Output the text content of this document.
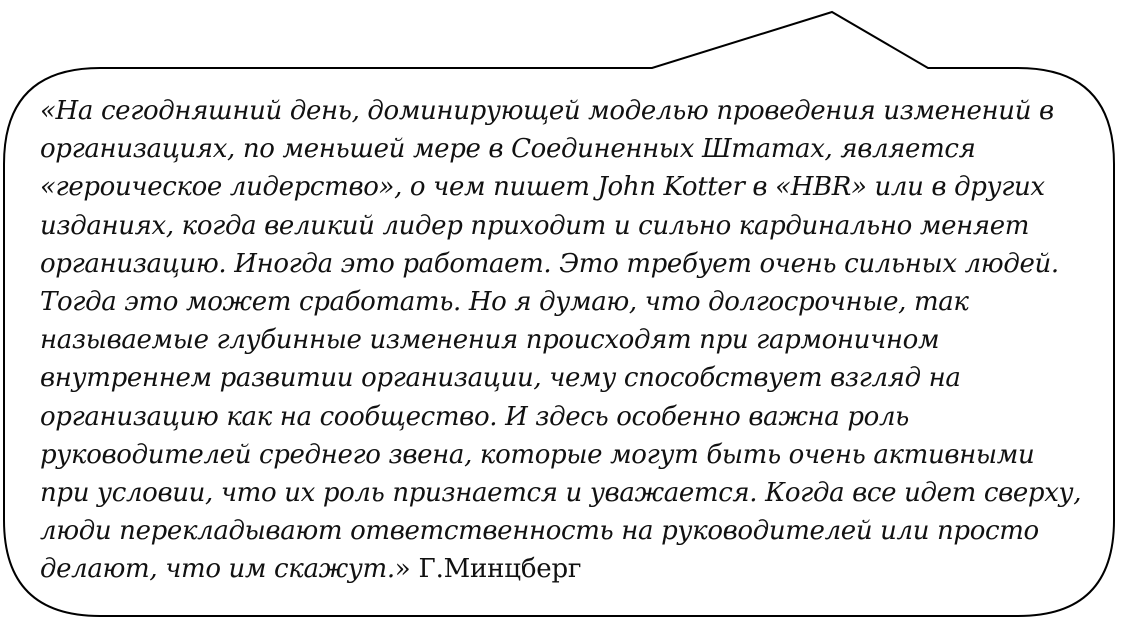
«На сегодняшний день, доминирующей моделью проведения изменений в
организациях, по меньшей мере в Соединенных Штатах, является
«героическое лидерство», о чем пишет John Kotter в «HBR» или в других
изданиях, когда великий лидер приходит и сильно кардинально меняет
организацию. Иногда это работает. Это требует очень сильных людей.
Тогда это может сработать. Но я думаю, что долгосрочные, так
называемые глубинные изменения происходят при гармоничном
внутреннем развитии организации, чему способствует взгляд на
организацию как на сообщество. И здесь особенно важна роль
руководителей среднего звена, которые могут быть очень активными
при условии, что их роль признается и уважается. Когда все идет сверху,
люди перекладывают ответственность на руководителей или просто
делают, что им скажут.» Г.Минцберг
